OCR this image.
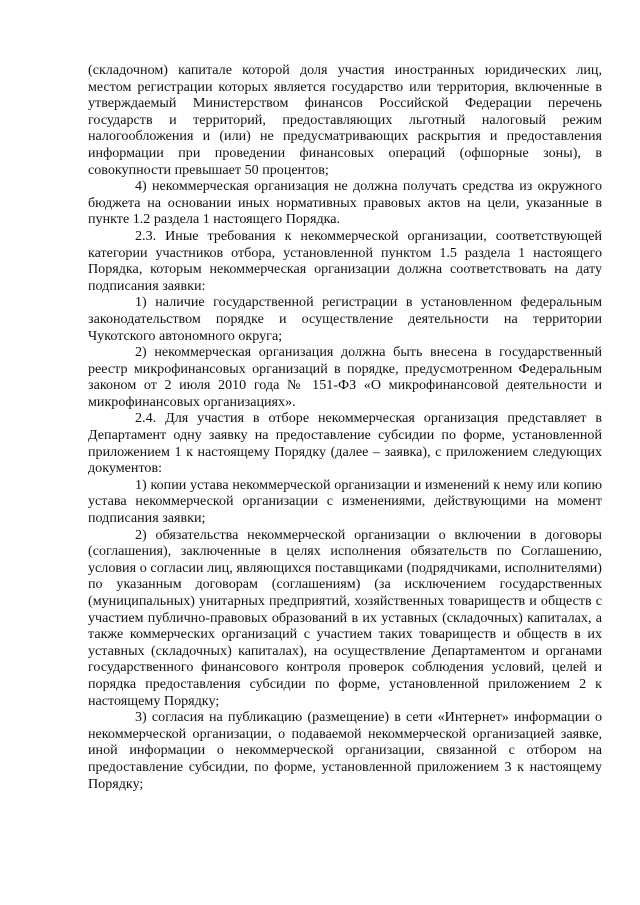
(складочном) капитале которой доля участия иностранных юридических лиц, местом регистрации которых является государство или территория, включенные в утверждаемый Министерством финансов Российской Федерации перечень государств и территорий, предоставляющих льготный налоговый режим налогообложения и (или) не предусматривающих раскрытия и предоставления информации при проведении финансовых операций (офшорные зоны), в совокупности превышает 50 процентов;

4) некоммерческая организация не должна получать средства из окружного бюджета на основании иных нормативных правовых актов на цели, указанные в пункте 1.2 раздела 1 настоящего Порядка.

2.3. Иные требования к некоммерческой организации, соответствующей категории участников отбора, установленной пунктом 1.5 раздела 1 настоящего Порядка, которым некоммерческая организации должна соответствовать на дату подписания заявки:

1) наличие государственной регистрации в установленном федеральным законодательством порядке и осуществление деятельности на территории Чукотского автономного округа;

2) некоммерческая организация должна быть внесена в государственный реестр микрофинансовых организаций в порядке, предусмотренном Федеральным законом от 2 июля 2010 года № 151-ФЗ «О микрофинансовой деятельности и микрофинансовых организациях».

2.4. Для участия в отборе некоммерческая организация представляет в Департамент одну заявку на предоставление субсидии по форме, установленной приложением 1 к настоящему Порядку (далее – заявка), с приложением следующих документов:

1) копии устава некоммерческой организации и изменений к нему или копию устава некоммерческой организации с изменениями, действующими на момент подписания заявки;

2) обязательства некоммерческой организации о включении в договоры (соглашения), заключенные в целях исполнения обязательств по Соглашению, условия о согласии лиц, являющихся поставщиками (подрядчиками, исполнителями) по указанным договорам (соглашениям) (за исключением государственных (муниципальных) унитарных предприятий, хозяйственных товариществ и обществ с участием публично-правовых образований в их уставных (складочных) капиталах, а также коммерческих организаций с участием таких товариществ и обществ в их уставных (складочных) капиталах), на осуществление Департаментом и органами государственного финансового контроля проверок соблюдения условий, целей и порядка предоставления субсидии по форме, установленной приложением 2 к настоящему Порядку;

3) согласия на публикацию (размещение) в сети «Интернет» информации о некоммерческой организации, о подаваемой некоммерческой организацией заявке, иной информации о некоммерческой организации, связанной с отбором на предоставление субсидии, по форме, установленной приложением 3 к настоящему Порядку;
